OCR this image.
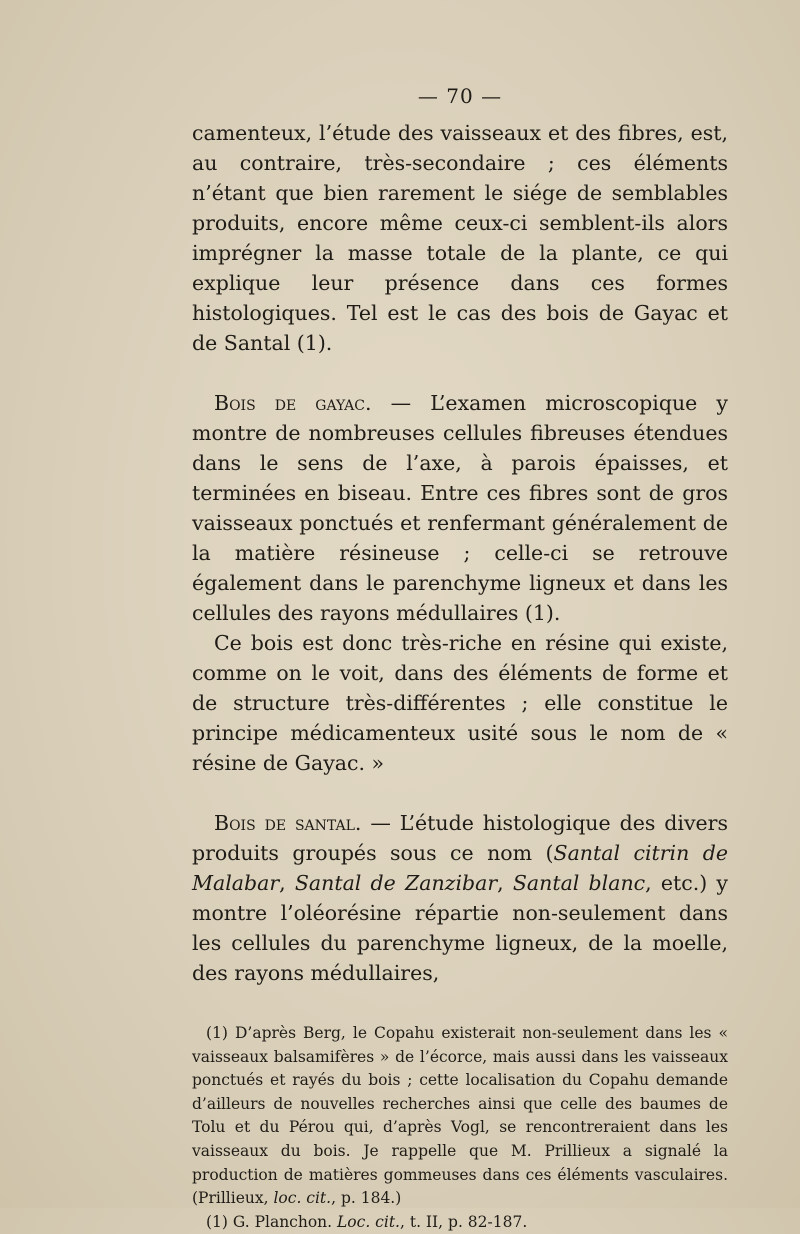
— 70 —

camenteux, l’étude des vaisseaux et des fibres, est, au contraire, très-secondaire ; ces éléments n’étant que bien rarement le siége de semblables produits, encore même ceux-ci semblent-ils alors imprégner la masse totale de la plante, ce qui explique leur présence dans ces formes histologiques. Tel est le cas des bois de Gayac et de Santal (1).

Bois de gayac. — L’examen microscopique y montre de nombreuses cellules fibreuses étendues dans le sens de l’axe, à parois épaisses, et terminées en biseau. Entre ces fibres sont de gros vaisseaux ponctués et renfermant généralement de la matière résineuse ; celle-ci se retrouve également dans le parenchyme ligneux et dans les cellules des rayons médullaires (1).

Ce bois est donc très-riche en résine qui existe, comme on le voit, dans des éléments de forme et de structure très-différentes ; elle constitue le principe médicamenteux usité sous le nom de « résine de Gayac. »

Bois de santal. — L’étude histologique des divers produits groupés sous ce nom (Santal citrin de Malabar, Santal de Zanzibar, Santal blanc, etc.) y montre l’oléorésine répartie non-seulement dans les cellules du parenchyme ligneux, de la moelle, des rayons médullaires,

(1) D’après Berg, le Copahu existerait non-seulement dans les « vaisseaux balsamifères » de l’écorce, mais aussi dans les vaisseaux ponctués et rayés du bois ; cette localisation du Copahu demande d’ailleurs de nouvelles recherches ainsi que celle des baumes de Tolu et du Pérou qui, d’après Vogl, se rencontreraient dans les vaisseaux du bois. Je rappelle que M. Prillieux a signalé la production de matières gommeuses dans ces éléments vasculaires. (Prillieux, loc. cit., p. 184.)

(1) G. Planchon. Loc. cit., t. II, p. 82-187.
